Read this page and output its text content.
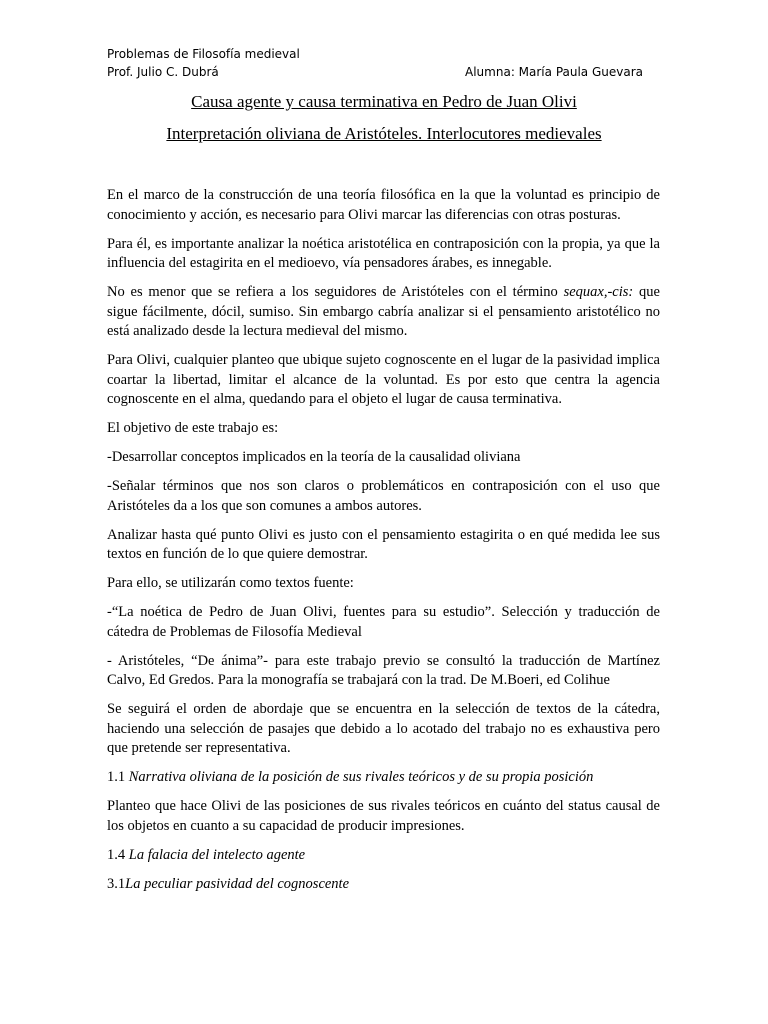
Problemas de Filosofía medieval
Prof. Julio C. Dubrá	Alumna: María Paula Guevara
Causa agente y causa terminativa en Pedro de Juan Olivi
Interpretación oliviana de Aristóteles. Interlocutores medievales

En el marco de la construcción de una teoría filosófica en la que la voluntad es principio de conocimiento y acción, es necesario para Olivi marcar las diferencias con otras posturas.

Para él, es importante analizar la noética aristotélica en contraposición con la propia, ya que la influencia del estagirita en el medioevo, vía pensadores árabes, es innegable.

No es menor que se refiera a los seguidores de Aristóteles con el término sequax,-cis: que sigue fácilmente, dócil, sumiso. Sin embargo cabría analizar si el pensamiento aristotélico no está analizado desde la lectura medieval del mismo.

Para Olivi, cualquier planteo que ubique sujeto cognoscente en el lugar de la pasividad implica coartar la libertad, limitar el alcance de la voluntad. Es por esto que centra la agencia cognoscente en el alma, quedando para el objeto el lugar de causa terminativa.

El objetivo de este trabajo es:

-Desarrollar conceptos implicados en la teoría de la causalidad oliviana

-Señalar términos que nos son claros o problemáticos en contraposición con el uso que Aristóteles da a los que son comunes a ambos autores.

Analizar hasta qué punto Olivi es justo con el pensamiento estagirita o en qué medida lee sus textos en función de lo que quiere demostrar.

Para ello, se utilizarán como textos fuente:

-“La noética de Pedro de Juan Olivi, fuentes para su estudio”. Selección y traducción de cátedra de Problemas de Filosofía Medieval

- Aristóteles, “De ánima”- para este trabajo previo se consultó la traducción de Martínez Calvo, Ed Gredos. Para la monografía se trabajará con la trad. De M.Boeri, ed Colihue

Se seguirá el orden de abordaje que se encuentra en la selección de textos de la cátedra, haciendo una selección de pasajes que debido a lo acotado del trabajo no es exhaustiva pero que pretende ser representativa.

1.1 Narrativa oliviana de la posición de sus rivales teóricos y de su propia posición

Planteo que hace Olivi de las posiciones de sus rivales teóricos en cuánto del status causal de los objetos en cuanto a su capacidad de producir impresiones.

1.4 La falacia del intelecto agente

3.1La peculiar pasividad del cognoscente
